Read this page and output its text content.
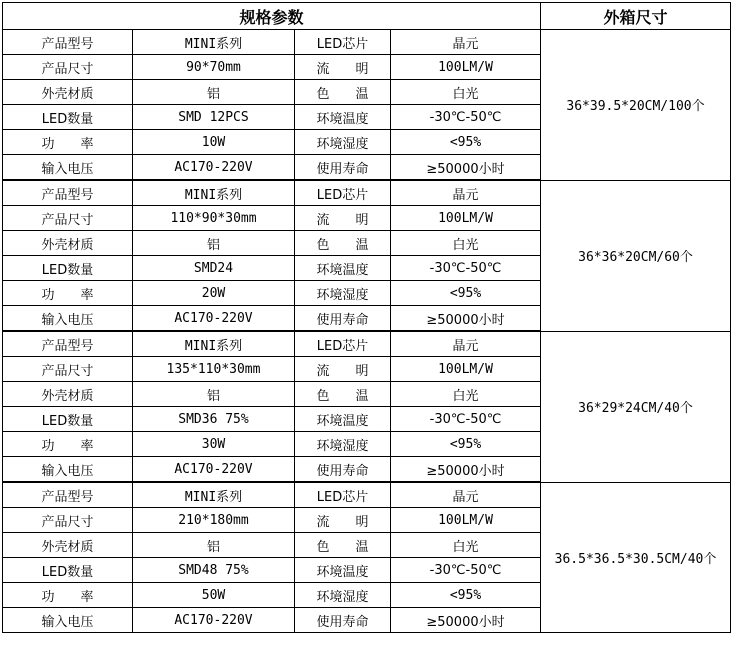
规格参数				外箱尺寸
产品型号	MINI系列	LED芯片	晶元	36*39.5*20CM/100个
产品尺寸	90*70mm	流　　明	100LM/W	
外壳材质	铝	色　　温	白光	
LED数量	SMD 12PCS	环境温度	-30℃-50℃	
功　　率	10W	环境湿度	<95%	
输入电压	AC170-220V	使用寿命	≥50000小时	
产品型号	MINI系列	LED芯片	晶元	36*36*20CM/60个
产品尺寸	110*90*30mm	流　　明	100LM/W	
外壳材质	铝	色　　温	白光	
LED数量	SMD24	环境温度	-30℃-50℃	
功　　率	20W	环境湿度	<95%	
输入电压	AC170-220V	使用寿命	≥50000小时	
产品型号	MINI系列	LED芯片	晶元	36*29*24CM/40个
产品尺寸	135*110*30mm	流　　明	100LM/W	
外壳材质	铝	色　　温	白光	
LED数量	SMD36 75%	环境温度	-30℃-50℃	
功　　率	30W	环境湿度	<95%	
输入电压	AC170-220V	使用寿命	≥50000小时	
产品型号	MINI系列	LED芯片	晶元	36.5*36.5*30.5CM/40个
产品尺寸	210*180mm	流　　明	100LM/W	
外壳材质	铝	色　　温	白光	
LED数量	SMD48 75%	环境温度	-30℃-50℃	
功　　率	50W	环境湿度	<95%	
输入电压	AC170-220V	使用寿命	≥50000小时	
